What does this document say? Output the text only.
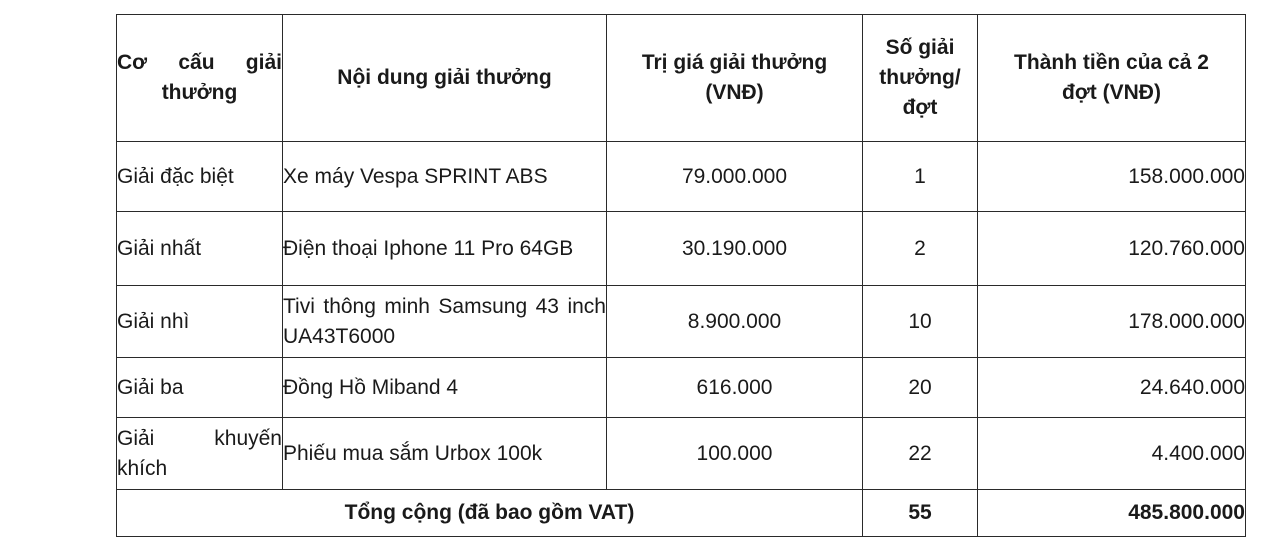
Cơ cấu giải thưởng	Nội dung giải thưởng	Trị giá giải thưởng (VNĐ)	Số giải thưởng/ đợt	Thành tiền của cả 2 đợt (VNĐ)
Giải đặc biệt	Xe máy Vespa SPRINT ABS	79.000.000	1	158.000.000
Giải nhất	Điện thoại Iphone 11 Pro 64GB	30.190.000	2	120.760.000
Giải nhì	Tivi thông minh Samsung 43 inch UA43T6000	8.900.000	10	178.000.000
Giải ba	Đồng Hồ Miband 4	616.000	20	24.640.000
Giải khuyến khích	Phiếu mua sắm Urbox 100k	100.000	22	4.400.000
Tổng cộng (đã bao gồm VAT)			55	485.800.000
